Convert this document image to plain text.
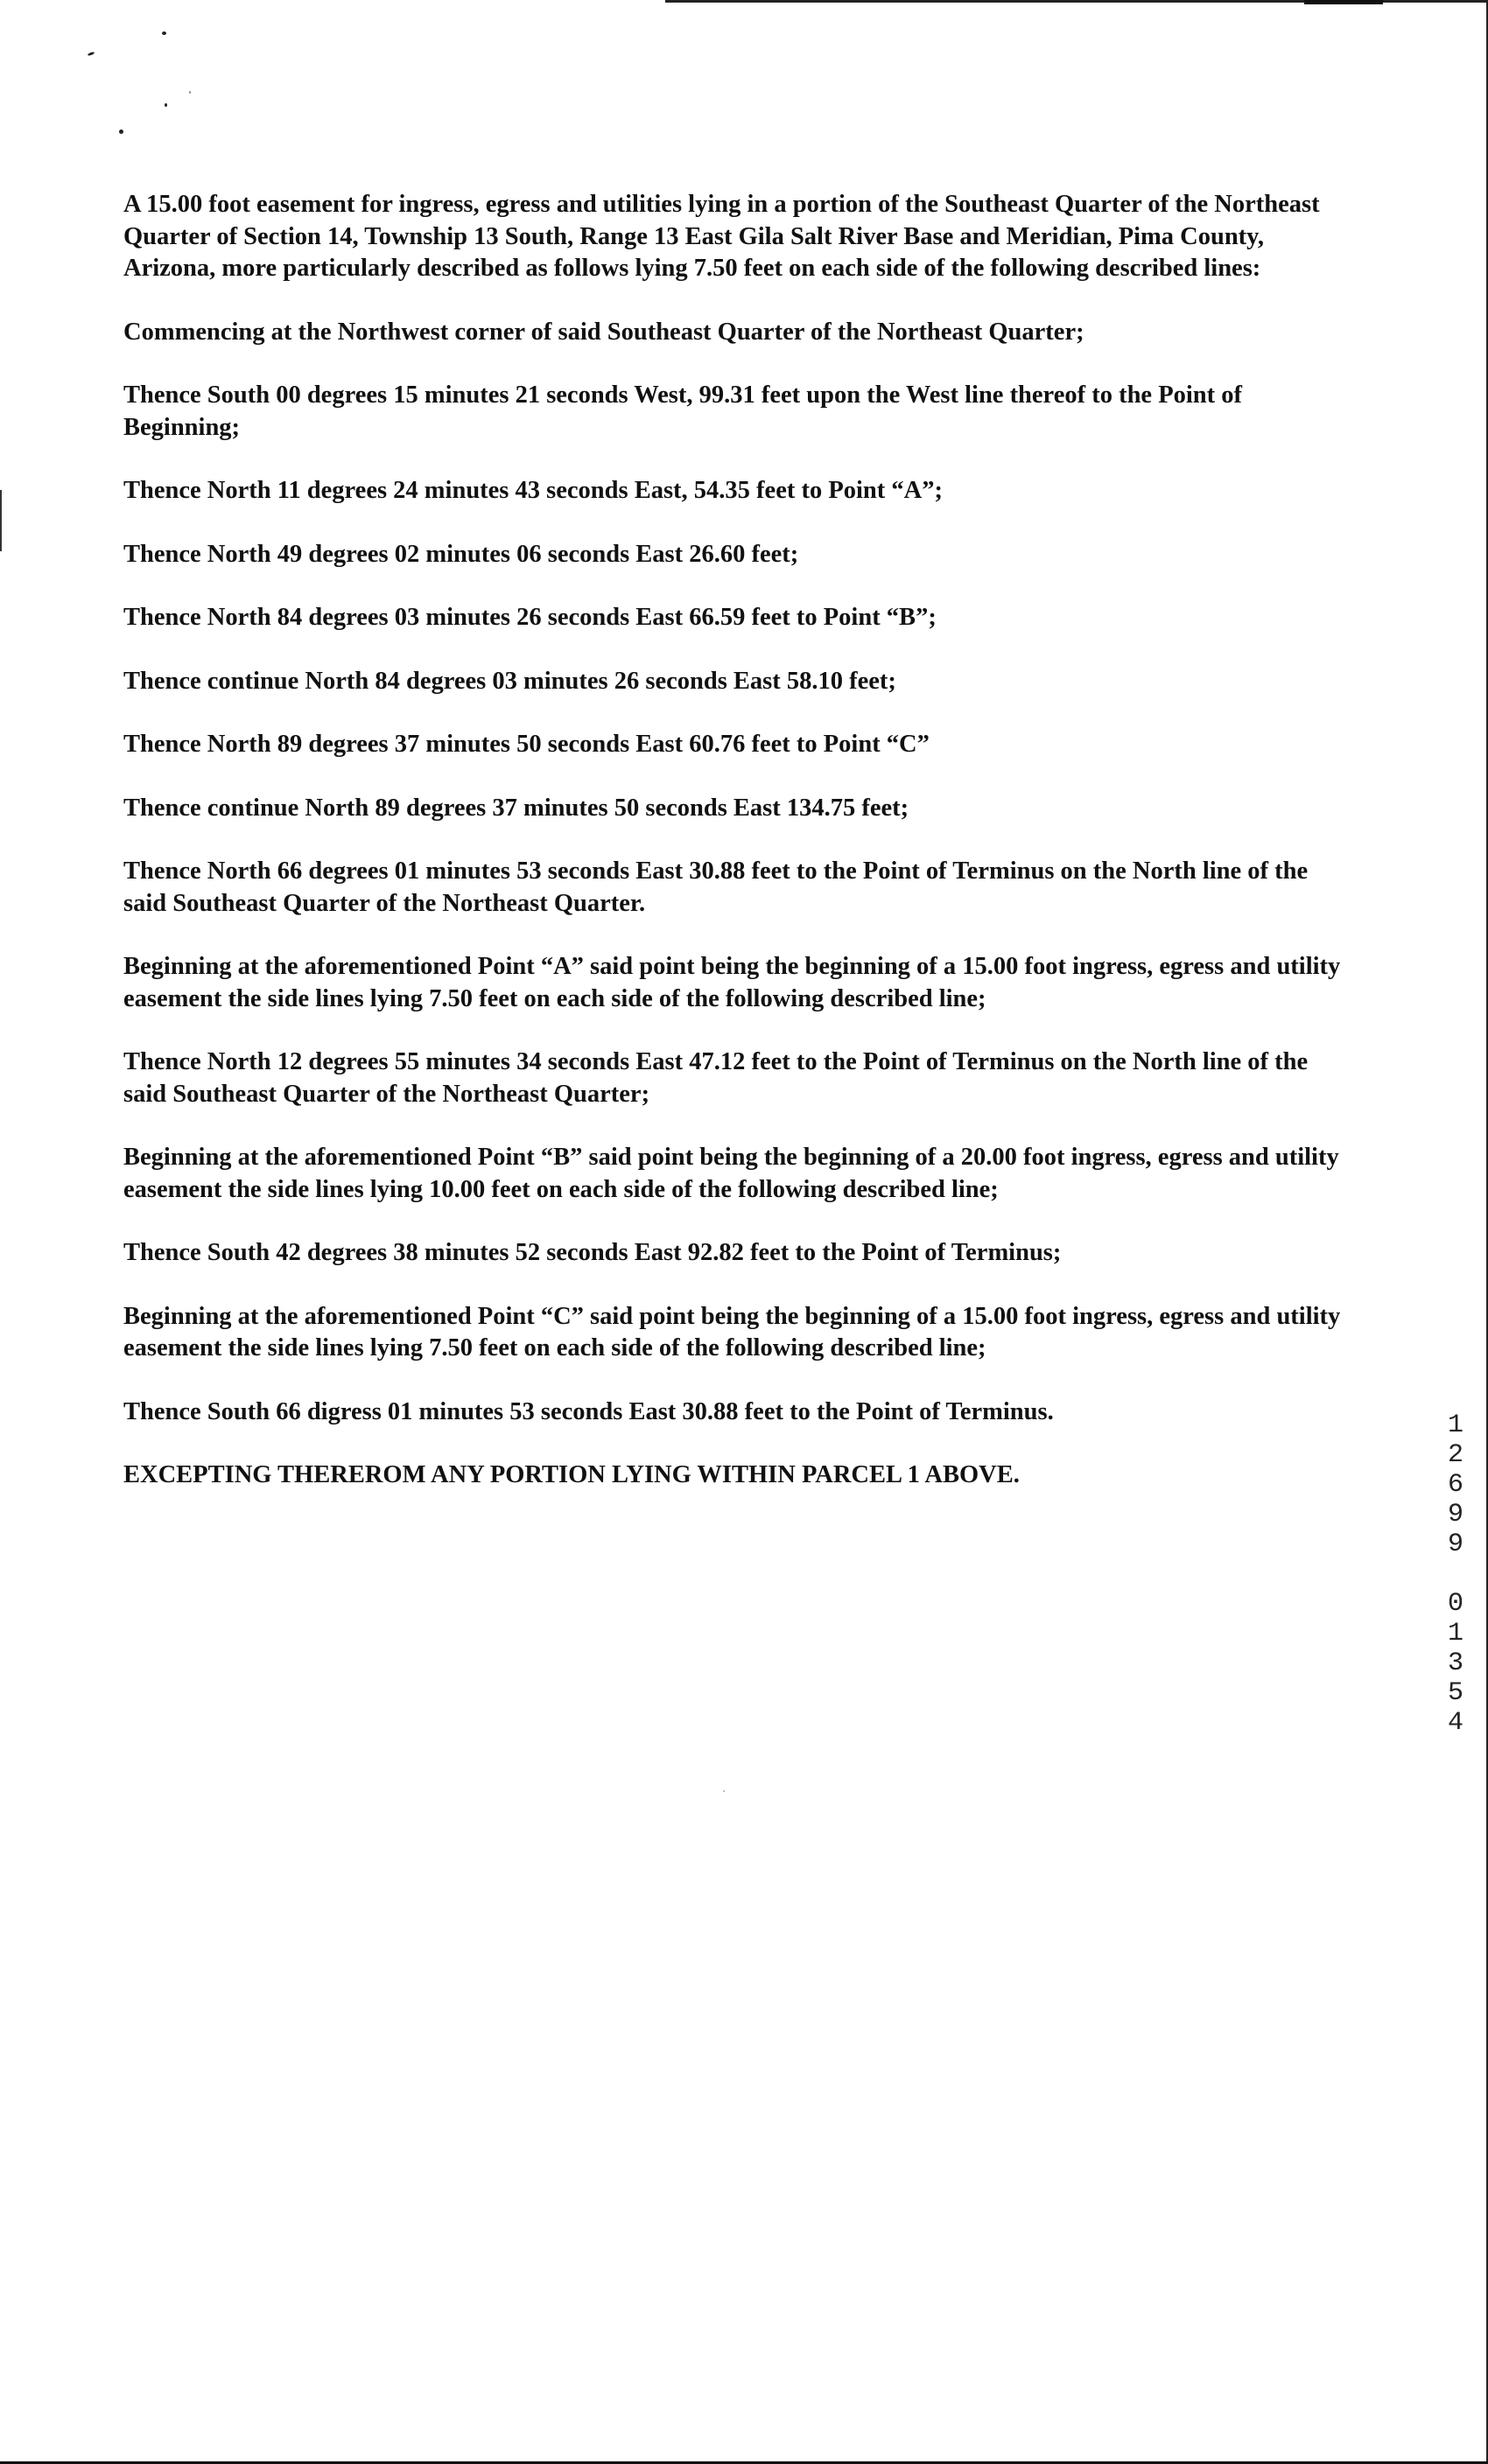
A 15.00 foot easement for ingress, egress and utilities lying in a portion of the Southeast Quarter of the Northeast Quarter of Section 14, Township 13 South, Range 13 East Gila Salt River Base and Meridian, Pima County, Arizona, more particularly described as follows lying 7.50 feet on each side of the following described lines:

Commencing at the Northwest corner of said Southeast Quarter of the Northeast Quarter;

Thence South 00 degrees 15 minutes 21 seconds West, 99.31 feet upon the West line thereof to the Point of Beginning;

Thence North 11 degrees 24 minutes 43 seconds East, 54.35 feet to Point “A”;

Thence North 49 degrees 02 minutes 06 seconds East 26.60 feet;

Thence North 84 degrees 03 minutes 26 seconds East 66.59 feet to Point “B”;

Thence continue North 84 degrees 03 minutes 26 seconds East 58.10 feet;

Thence North 89 degrees 37 minutes 50 seconds East 60.76 feet to Point “C”

Thence continue North 89 degrees 37 minutes 50 seconds East 134.75 feet;

Thence North 66 degrees 01 minutes 53 seconds East 30.88 feet to the Point of Terminus on the North line of the said Southeast Quarter of the Northeast Quarter.

Beginning at the aforementioned Point “A” said point being the beginning of a 15.00 foot ingress, egress and utility easement the side lines lying 7.50 feet on each side of the following described line;

Thence North 12 degrees 55 minutes 34 seconds East 47.12 feet to the Point of Terminus on the North line of the said Southeast Quarter of the Northeast Quarter;

Beginning at the aforementioned Point “B” said point being the beginning of a 20.00 foot ingress, egress and utility easement the side lines lying 10.00 feet on each side of the following described line;

Thence South 42 degrees 38 minutes 52 seconds East 92.82 feet to the Point of Terminus;

Beginning at the aforementioned Point “C” said point being the beginning of a 15.00 foot ingress, egress and utility easement the side lines lying 7.50 feet on each side of the following described line;

Thence South 66 digress 01 minutes 53 seconds East 30.88 feet to the Point of Terminus.

EXCEPTING THEREROM ANY PORTION LYING WITHIN PARCEL 1 ABOVE.	12699 01354
